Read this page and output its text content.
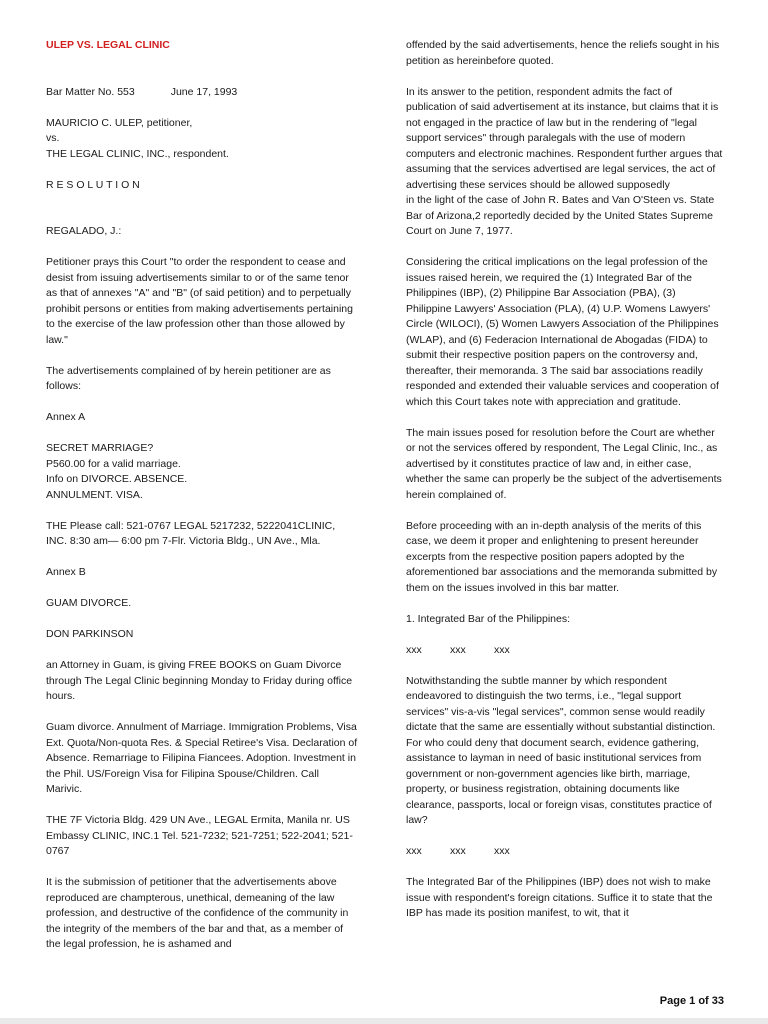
ULEP VS. LEGAL CLINIC
Bar Matter No. 553	June 17, 1993
MAURICIO C. ULEP, petitioner,
vs.
THE LEGAL CLINIC, INC., respondent.
R E S O L U T I O N
REGALADO, J.:
Petitioner prays this Court "to order the respondent to cease and desist from issuing advertisements similar to or of the same tenor as that of annexes "A" and "B" (of said petition) and to perpetually prohibit persons or entities from making advertisements pertaining to the exercise of the law profession other than those allowed by law."
The advertisements complained of by herein petitioner are as follows:
Annex A
SECRET MARRIAGE?
P560.00 for a valid marriage.
Info on DIVORCE. ABSENCE.
ANNULMENT. VISA.
THE Please call: 521-0767 LEGAL 5217232, 5222041CLINIC, INC. 8:30 am— 6:00 pm 7-Flr. Victoria Bldg., UN Ave., Mla.
Annex B
GUAM DIVORCE.
DON PARKINSON
an Attorney in Guam, is giving FREE BOOKS on Guam Divorce through The Legal Clinic beginning Monday to Friday during office hours.
Guam divorce. Annulment of Marriage. Immigration Problems, Visa Ext. Quota/Non-quota Res. & Special Retiree's Visa. Declaration of Absence. Remarriage to Filipina Fiancees. Adoption. Investment in the Phil. US/Foreign Visa for Filipina Spouse/Children. Call Marivic.
THE 7F Victoria Bldg. 429 UN Ave., LEGAL Ermita, Manila nr. US Embassy CLINIC, INC.1 Tel. 521-7232; 521-7251; 522-2041; 521-0767
It is the submission of petitioner that the advertisements above reproduced are champterous, unethical, demeaning of the law profession, and destructive of the confidence of the community in the integrity of the members of the bar and that, as a member of the legal profession, he is ashamed and
offended by the said advertisements, hence the reliefs sought in his petition as hereinbefore quoted.
In its answer to the petition, respondent admits the fact of publication of said advertisement at its instance, but claims that it is not engaged in the practice of law but in the rendering of "legal support services" through paralegals with the use of modern computers and electronic machines. Respondent further argues that assuming that the services advertised are legal services, the act of advertising these services should be allowed supposedly
in the light of the case of John R. Bates and Van O'Steen vs. State Bar of Arizona,2 reportedly decided by the United States Supreme Court on June 7, 1977.
Considering the critical implications on the legal profession of the issues raised herein, we required the (1) Integrated Bar of the Philippines (IBP), (2) Philippine Bar Association (PBA), (3) Philippine Lawyers' Association (PLA), (4) U.P. Womens Lawyers' Circle (WILOCI), (5) Women Lawyers Association of the Philippines (WLAP), and (6) Federacion International de Abogadas (FIDA) to submit their respective position papers on the controversy and, thereafter, their memoranda. 3 The said bar associations readily responded and extended their valuable services and cooperation of which this Court takes note with appreciation and gratitude.
The main issues posed for resolution before the Court are whether or not the services offered by respondent, The Legal Clinic, Inc., as advertised by it constitutes practice of law and, in either case, whether the same can properly be the subject of the advertisements herein complained of.
Before proceeding with an in-depth analysis of the merits of this case, we deem it proper and enlightening to present hereunder excerpts from the respective position papers adopted by the aforementioned bar associations and the memoranda submitted by them on the issues involved in this bar matter.
1. Integrated Bar of the Philippines:
xxx	xxx	xxx
Notwithstanding the subtle manner by which respondent endeavored to distinguish the two terms, i.e., "legal support services" vis-a-vis "legal services", common sense would readily dictate that the same are essentially without substantial distinction. For who could deny that document search, evidence gathering, assistance to layman in need of basic institutional services from government or non-government agencies like birth, marriage, property, or business registration, obtaining documents like clearance, passports, local or foreign visas, constitutes practice of law?
xxx	xxx	xxx
The Integrated Bar of the Philippines (IBP) does not wish to make issue with respondent's foreign citations. Suffice it to state that the IBP has made its position manifest, to wit, that it
Page 1 of 33
